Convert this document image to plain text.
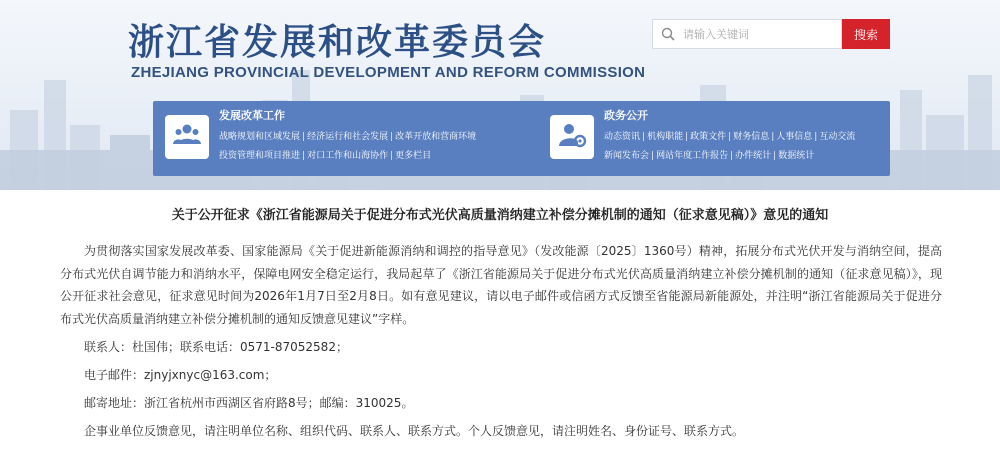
浙江省发展和改革委员会
ZHEJIANG PROVINCIAL DEVELOPMENT AND REFORM COMMISSION
请输入关键词
搜索
发展改革工作
战略规划和区域发展 | 经济运行和社会发展 | 改革开放和营商环境
投资管理和项目推进 | 对口工作和山海协作 | 更多栏目
政务公开
动态资讯 | 机构职能 | 政策文件 | 财务信息 | 人事信息 | 互动交流
新闻发布会 | 网站年度工作报告 | 办件统计 | 数据统计
关于公开征求《浙江省能源局关于促进分布式光伏高质量消纳建立补偿分摊机制的通知（征求意见稿）》意见的通知

为贯彻落实国家发展改革委、国家能源局《关于促进新能源消纳和调控的指导意见》（发改能源〔2025〕1360号）精神，拓展分布式光伏开发与消纳空间，提高分布式光伏自调节能力和消纳水平，保障电网安全稳定运行，我局起草了《浙江省能源局关于促进分布式光伏高质量消纳建立补偿分摊机制的通知（征求意见稿）》，现公开征求社会意见，征求意见时间为2026年1月7日至2月8日。如有意见建议，请以电子邮件或信函方式反馈至省能源局新能源处，并注明“浙江省能源局关于促进分布式光伏高质量消纳建立补偿分摊机制的通知反馈意见建议”字样。

联系人：杜国伟；联系电话：0571-87052582；

电子邮件：zjnyjxnyc@163.com；

邮寄地址：浙江省杭州市西湖区省府路8号；邮编：310025。

企事业单位反馈意见，请注明单位名称、组织代码、联系人、联系方式。个人反馈意见，请注明姓名、身份证号、联系方式。
